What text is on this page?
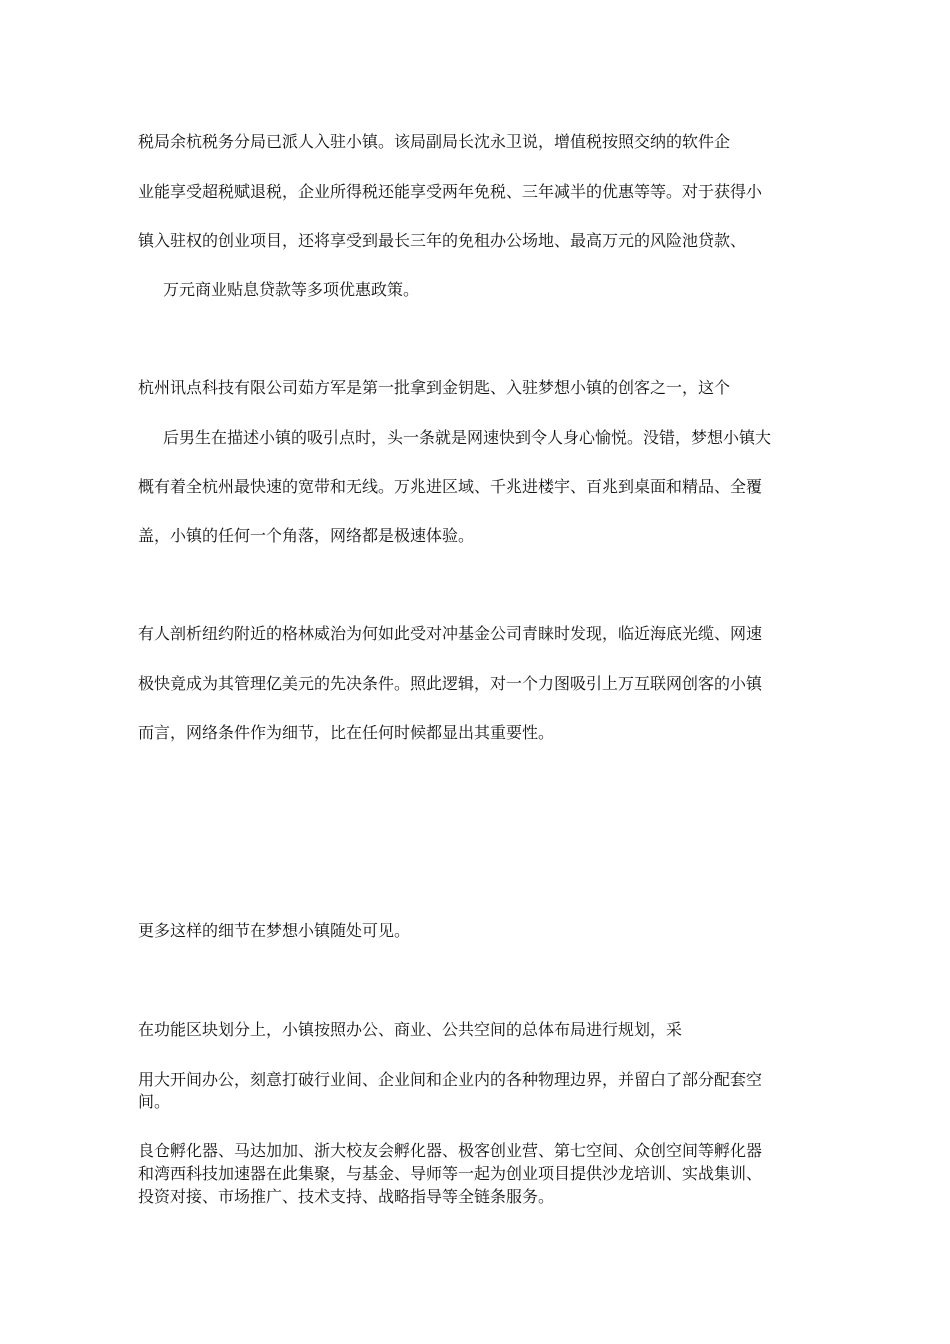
税局余杭税务分局已派人入驻小镇。该局副局长沈永卫说，增值税按照交纳的软件企

业能享受超税赋退税，企业所得税还能享受两年免税、三年减半的优惠等等。对于获得小

镇入驻权的创业项目，还将享受到最长三年的免租办公场地、最高万元的风险池贷款、

万元商业贴息贷款等多项优惠政策。

杭州讯点科技有限公司茹方军是第一批拿到金钥匙、入驻梦想小镇的创客之一，这个

后男生在描述小镇的吸引点时，头一条就是网速快到令人身心愉悦。没错，梦想小镇大

概有着全杭州最快速的宽带和无线。万兆进区域、千兆进楼宇、百兆到桌面和精品、全覆

盖，小镇的任何一个角落，网络都是极速体验。

有人剖析纽约附近的格林威治为何如此受对冲基金公司青睐时发现，临近海底光缆、网速

极快竟成为其管理亿美元的先决条件。照此逻辑，对一个力图吸引上万互联网创客的小镇

而言，网络条件作为细节，比在任何时候都显出其重要性。

更多这样的细节在梦想小镇随处可见。

在功能区块划分上，小镇按照办公、商业、公共空间的总体布局进行规划，采

用大开间办公，刻意打破行业间、企业间和企业内的各种物理边界，并留白了部分配套空

间。

良仓孵化器、马达加加、浙大校友会孵化器、极客创业营、第七空间、众创空间等孵化器

和湾西科技加速器在此集聚，与基金、导师等一起为创业项目提供沙龙培训、实战集训、

投资对接、市场推广、技术支持、战略指导等全链条服务。
